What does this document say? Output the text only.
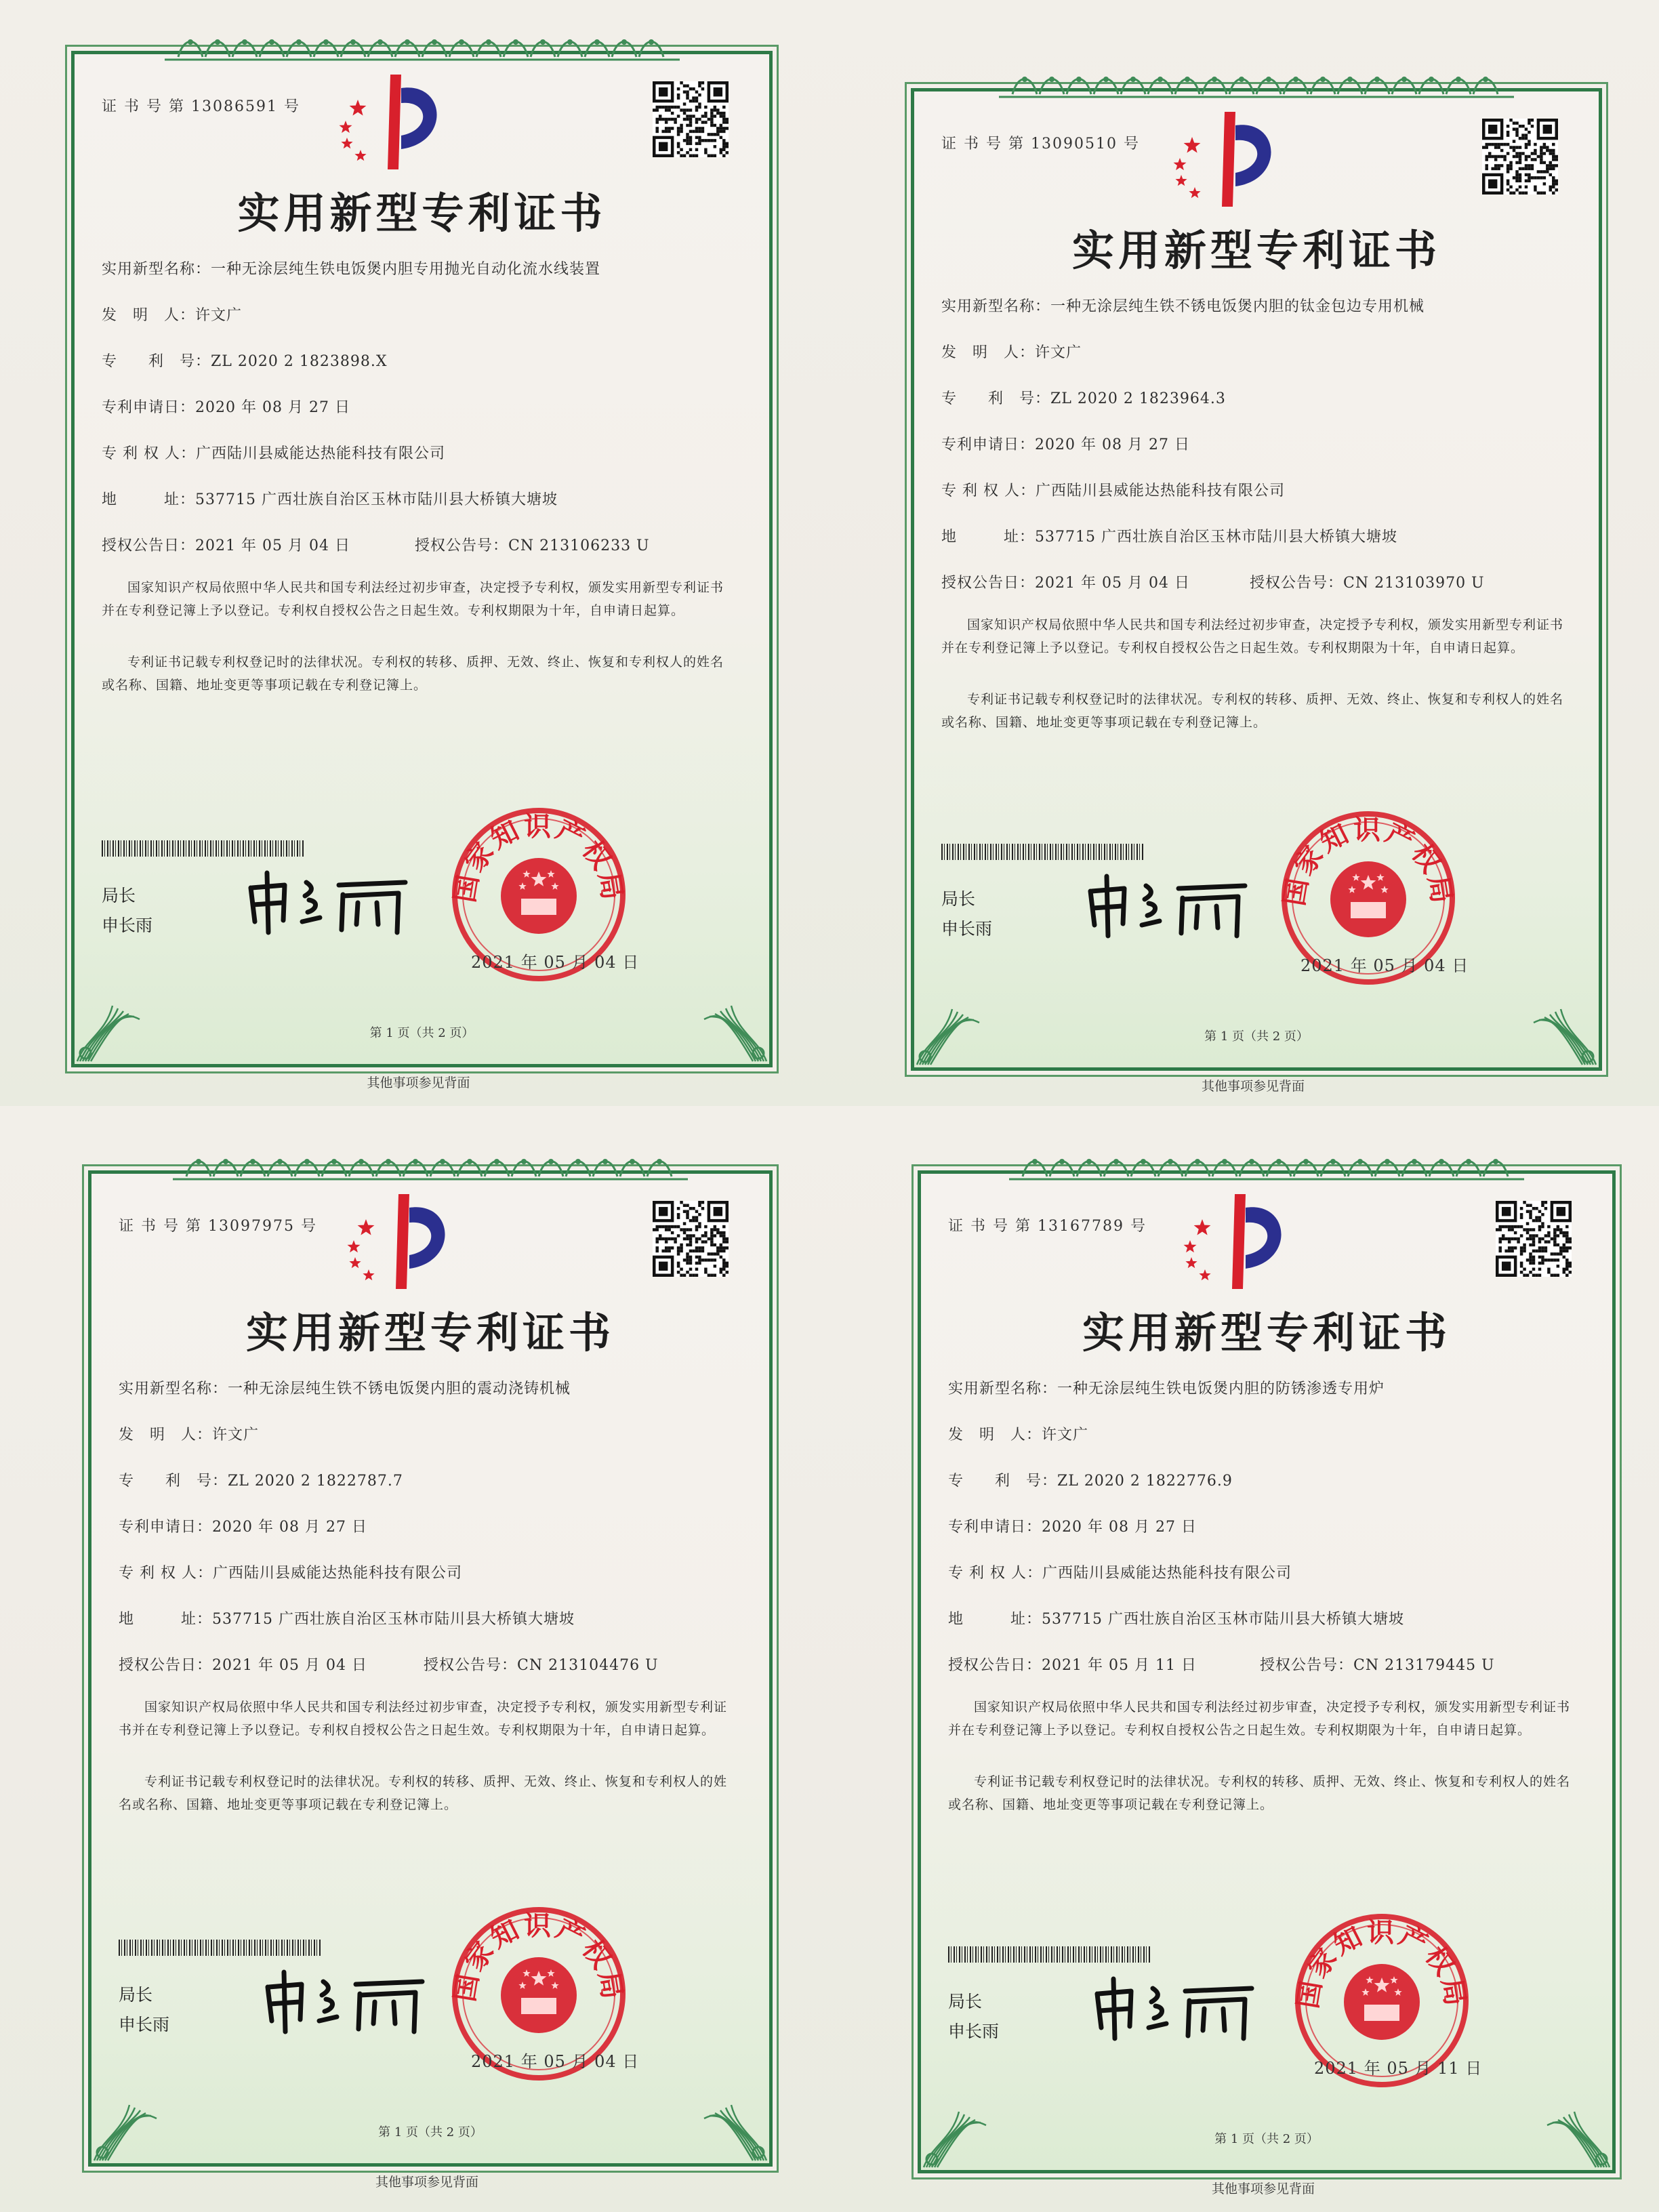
证 书 号 第 13086591 号
实用新型专利证书
实用新型名称：一种无涂层纯生铁电饭煲内胆专用抛光自动化流水线装置
发　明　人：许文广
专　　利　号：ZL 2020 2 1823898.X
专利申请日：2020 年 08 月 27 日
专 利 权 人：广西陆川县威能达热能科技有限公司
地　　　址：537715 广西壮族自治区玉林市陆川县大桥镇大塘坡
授权公告日：2021 年 05 月 04 日	授权公告号：CN 213106233 U
国家知识产权局依照中华人民共和国专利法经过初步审查，决定授予专利权，颁发实用新型专利证书并在专利登记簿上予以登记。专利权自授权公告之日起生效。专利权期限为十年，自申请日起算。
专利证书记载专利权登记时的法律状况。专利权的转移、质押、无效、终止、恢复和专利权人的姓名或名称、国籍、地址变更等事项记载在专利登记簿上。
局长
申长雨
国家知识产权局
2021 年 05 月 04 日
第 1 页（共 2 页）
其他事项参见背面
证 书 号 第 13090510 号
实用新型专利证书
实用新型名称：一种无涂层纯生铁不锈电饭煲内胆的钛金包边专用机械
发　明　人：许文广
专　　利　号：ZL 2020 2 1823964.3
专利申请日：2020 年 08 月 27 日
专 利 权 人：广西陆川县威能达热能科技有限公司
地　　　址：537715 广西壮族自治区玉林市陆川县大桥镇大塘坡
授权公告日：2021 年 05 月 04 日	授权公告号：CN 213103970 U
国家知识产权局依照中华人民共和国专利法经过初步审查，决定授予专利权，颁发实用新型专利证书并在专利登记簿上予以登记。专利权自授权公告之日起生效。专利权期限为十年，自申请日起算。
专利证书记载专利权登记时的法律状况。专利权的转移、质押、无效、终止、恢复和专利权人的姓名或名称、国籍、地址变更等事项记载在专利登记簿上。
局长
申长雨
国家知识产权局
2021 年 05 月 04 日
第 1 页（共 2 页）
其他事项参见背面
证 书 号 第 13097975 号
实用新型专利证书
实用新型名称：一种无涂层纯生铁不锈电饭煲内胆的震动浇铸机械
发　明　人：许文广
专　　利　号：ZL 2020 2 1822787.7
专利申请日：2020 年 08 月 27 日
专 利 权 人：广西陆川县威能达热能科技有限公司
地　　　址：537715 广西壮族自治区玉林市陆川县大桥镇大塘坡
授权公告日：2021 年 05 月 04 日	授权公告号：CN 213104476 U
国家知识产权局依照中华人民共和国专利法经过初步审查，决定授予专利权，颁发实用新型专利证书并在专利登记簿上予以登记。专利权自授权公告之日起生效。专利权期限为十年，自申请日起算。
专利证书记载专利权登记时的法律状况。专利权的转移、质押、无效、终止、恢复和专利权人的姓名或名称、国籍、地址变更等事项记载在专利登记簿上。
局长
申长雨
国家知识产权局
2021 年 05 月 04 日
第 1 页（共 2 页）
其他事项参见背面
证 书 号 第 13167789 号
实用新型专利证书
实用新型名称：一种无涂层纯生铁电饭煲内胆的防锈渗透专用炉
发　明　人：许文广
专　　利　号：ZL 2020 2 1822776.9
专利申请日：2020 年 08 月 27 日
专 利 权 人：广西陆川县威能达热能科技有限公司
地　　　址：537715 广西壮族自治区玉林市陆川县大桥镇大塘坡
授权公告日：2021 年 05 月 11 日	授权公告号：CN 213179445 U
国家知识产权局依照中华人民共和国专利法经过初步审查，决定授予专利权，颁发实用新型专利证书并在专利登记簿上予以登记。专利权自授权公告之日起生效。专利权期限为十年，自申请日起算。
专利证书记载专利权登记时的法律状况。专利权的转移、质押、无效、终止、恢复和专利权人的姓名或名称、国籍、地址变更等事项记载在专利登记簿上。
局长
申长雨
国家知识产权局
2021 年 05 月 11 日
第 1 页（共 2 页）
其他事项参见背面
